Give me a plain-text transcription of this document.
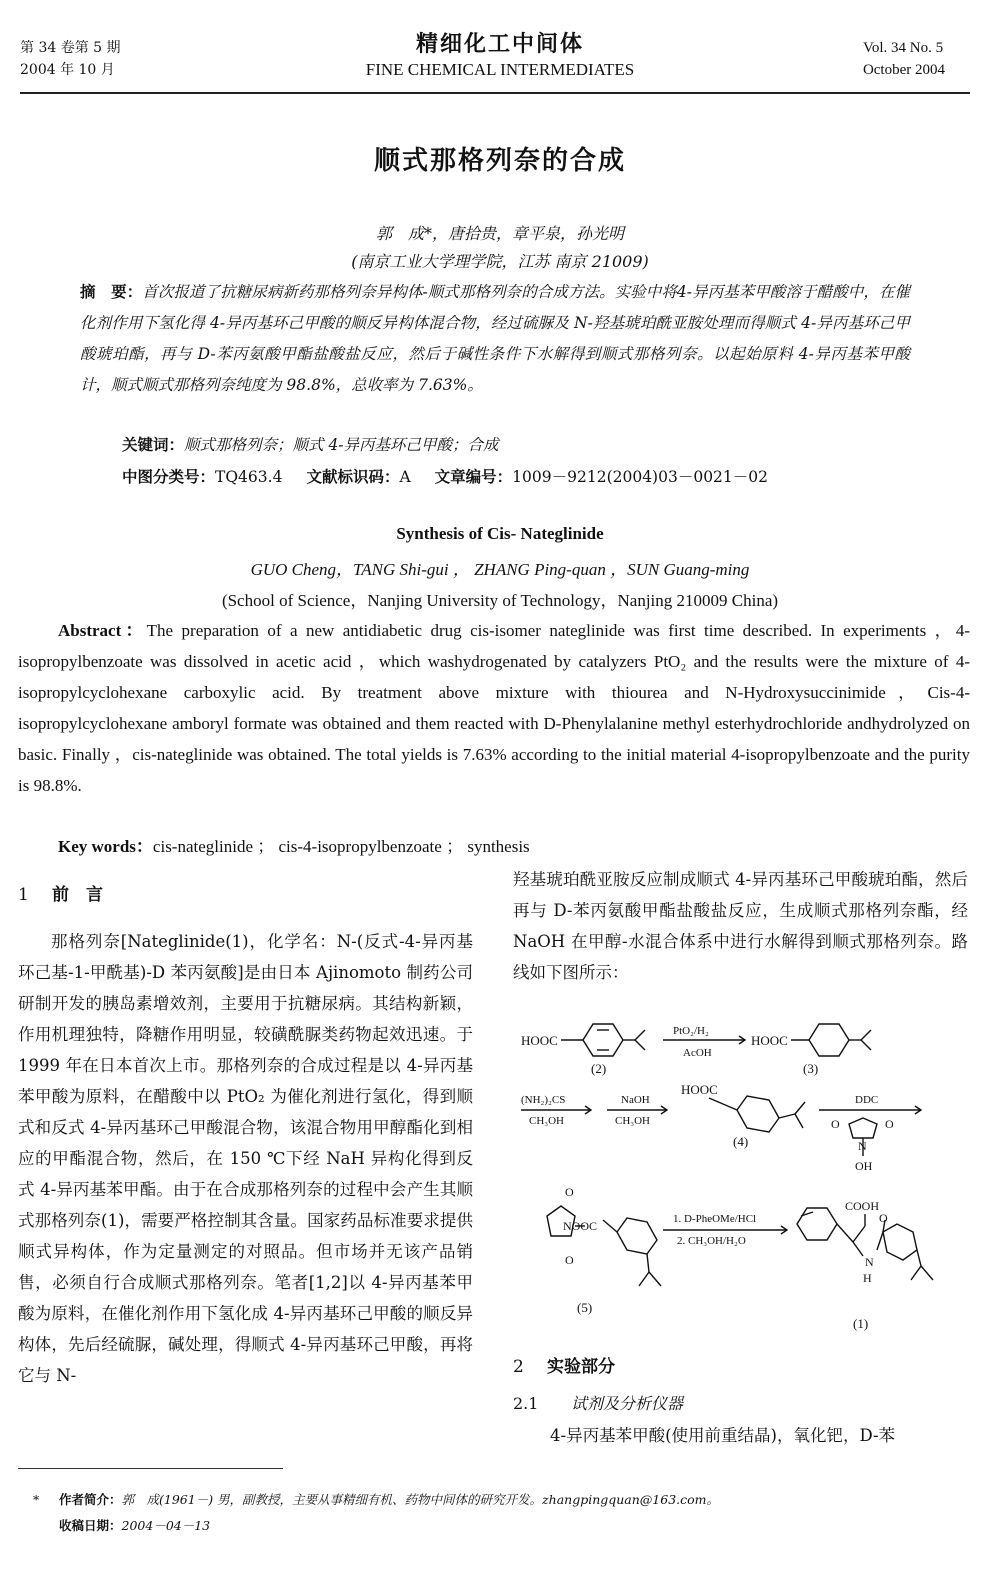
第 34 卷第 5 期
2004 年 10 月
精细化工中间体
FINE CHEMICAL INTERMEDIATES
Vol. 34 No. 5
October 2004
顺式那格列奈的合成
郭　成*，唐拾贵，章平泉，孙光明
(南京工业大学理学院，江苏 南京 21009)
摘　要：首次报道了抗糖尿病新药那格列奈异构体-顺式那格列奈的合成方法。实验中将4-异丙基苯甲酸溶于醋酸中，在催化剂作用下氢化得 4-异丙基环己甲酸的顺反异构体混合物，经过硫脲及 N-羟基琥珀酰亚胺处理而得顺式 4-异丙基环己甲酸琥珀酯，再与 D-苯丙氨酸甲酯盐酸盐反应，然后于碱性条件下水解得到顺式那格列奈。以起始原料 4-异丙基苯甲酸计，顺式顺式那格列奈纯度为 98.8%，总收率为 7.63%。
关键词：顺式那格列奈；顺式 4-异丙基环己甲酸；合成
中图分类号：TQ463.4 文献标识码：A 文章编号：1009－9212(2004)03－0021－02
Synthesis of Cis- Nateglinide
GUO Cheng，TANG Shi-gui ， ZHANG Ping-quan ，SUN Guang-ming
(School of Science，Nanjing University of Technology，Nanjing 210009 China)
Abstract：The preparation of a new antidiabetic drug cis-isomer nateglinide was first time described. In experiments ，4-isopropylbenzoate was dissolved in acetic acid ，which washydrogenated by catalyzers PtO₂ and the results were the mixture of 4-isopropylcyclohexane carboxylic acid. By treatment above mixture with thiourea and N-Hydroxysuccinimide，Cis-4-isopropylcyclohexane amboryl formate was obtained and them reacted with D-Phenylalanine methyl esterhydrochloride andhydrolyzed on basic. Finally ，cis-nateglinide was obtained. The total yields is 7.63% according to the initial material 4-isopropylbenzoate and the purity is 98.8%.
Key words：cis-nateglinide ； cis-4-isopropylbenzoate ； synthesis
1 前　言
那格列奈[Nateglinide(1)，化学名：N-(反式-4-异丙基环己基-1-甲酰基)-D 苯丙氨酸]是由日本 Ajinomoto 制药公司研制开发的胰岛素增效剂，主要用于抗糖尿病。其结构新颖，作用机理独特，降糖作用明显，较磺酰脲类药物起效迅速。于 1999 年在日本首次上市。那格列奈的合成过程是以 4-异丙基苯甲酸为原料，在醋酸中以 PtO₂ 为催化剂进行氢化，得到顺式和反式 4-异丙基环己甲酸混合物，该混合物用甲醇酯化到相应的甲酯混合物，然后，在 150 ℃下经 NaH 异构化得到反式 4-异丙基苯甲酯。由于在合成那格列奈的过程中会产生其顺式那格列奈(1)，需要严格控制其含量。国家药品标准要求提供顺式异构体，作为定量测定的对照品。但市场并无该产品销售，必须自行合成顺式那格列奈。笔者[1,2]以 4-异丙基苯甲酸为原料，在催化剂作用下氢化成 4-异丙基环己甲酸的顺反异构体，先后经硫脲，碱处理，得顺式 4-异丙基环己甲酸，再将它与 N-
羟基琥珀酰亚胺反应制成顺式 4-异丙基环己甲酸琥珀酯，然后再与 D-苯丙氨酸甲酯盐酸盐反应，生成顺式那格列奈酯，经 NaOH 在甲醇-水混合体系中进行水解得到顺式那格列奈。路线如下图所示：
HOOC
(2)
PtO₂/H₂
AcOH
HOOC
(3)
(NH₂)₂CS
CH₃OH
NaOH
CH₃OH
HOOC
(4)
DDC
O	O
N
OH
O
O
NOOC
(5)
1. D-PheOMe/HCl
2. CH₃OH/H₂O
COOH
O
N
H
(1)
2 实验部分
2.1 试剂及分析仪器
4-异丙基苯甲酸(使用前重结晶)，氧化钯，D-苯
* 作者简介：郭　成(1961－) 男，副教授，主要从事精细有机、药物中间体的研究开发。zhangpingquan@163.com。
收稿日期：2004－04－13
